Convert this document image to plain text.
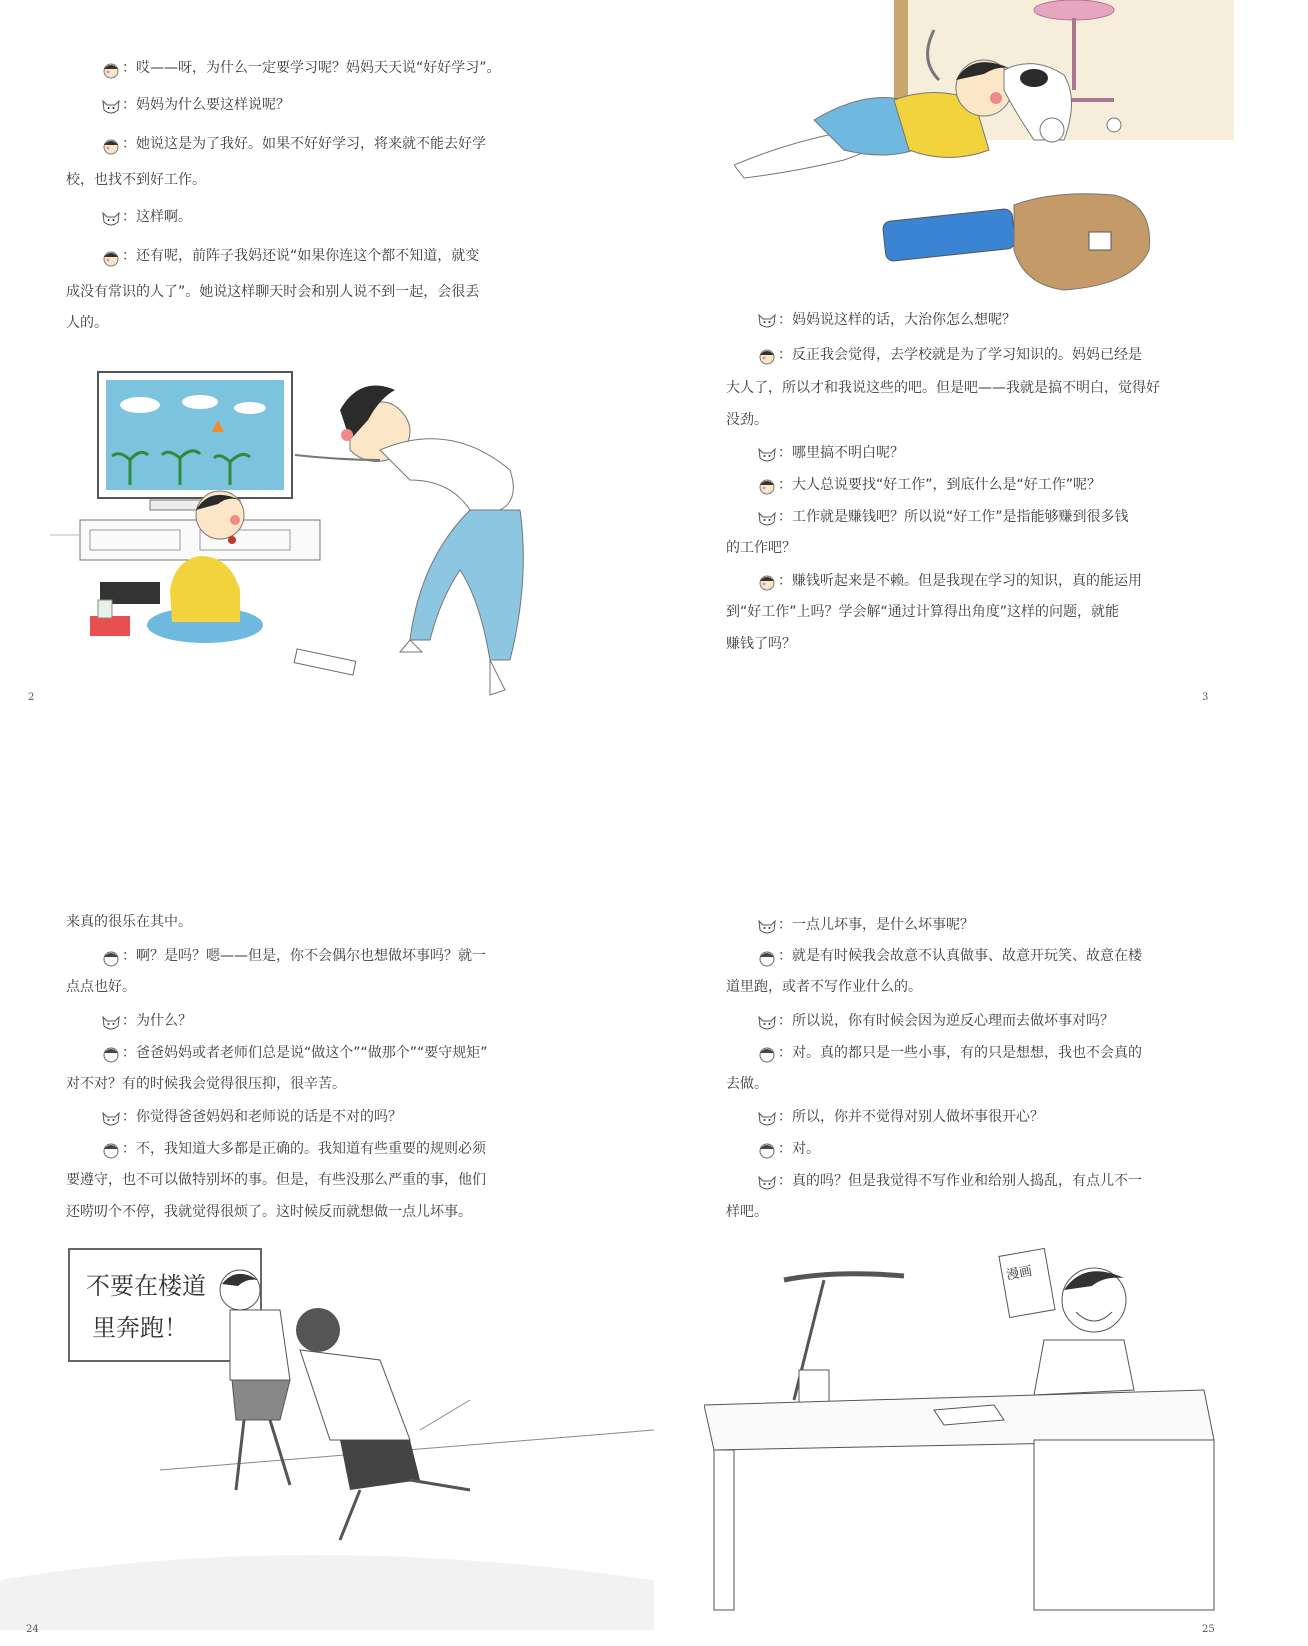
：哎——呀，为什么一定要学习呢？妈妈天天说“好好学习”。
：妈妈为什么要这样说呢？
：她说这是为了我好。如果不好好学习，将来就不能去好学
校，也找不到好工作。
：这样啊。
：还有呢，前阵子我妈还说“如果你连这个都不知道，就变
成没有常识的人了”。她说这样聊天时会和别人说不到一起，会很丢
人的。
2
：妈妈说这样的话，大治你怎么想呢？
：反正我会觉得，去学校就是为了学习知识的。妈妈已经是
大人了，所以才和我说这些的吧。但是吧——我就是搞不明白，觉得好
没劲。
：哪里搞不明白呢？
：大人总说要找“好工作”，到底什么是“好工作”呢？
：工作就是赚钱吧？所以说“好工作”是指能够赚到很多钱
的工作吧？
：赚钱听起来是不赖。但是我现在学习的知识，真的能运用
到“好工作”上吗？学会解“通过计算得出角度”这样的问题，就能
赚钱了吗？
3
来真的很乐在其中。
：啊？是吗？嗯——但是，你不会偶尔也想做坏事吗？就一
点点也好。
：为什么？
：爸爸妈妈或者老师们总是说“做这个”“做那个”“要守规矩”
对不对？有的时候我会觉得很压抑，很辛苦。
：你觉得爸爸妈妈和老师说的话是不对的吗？
：不，我知道大多都是正确的。我知道有些重要的规则必须
要遵守，也不可以做特别坏的事。但是，有些没那么严重的事，他们
还唠叨个不停，我就觉得很烦了。这时候反而就想做一点儿坏事。
不要在楼道
里奔跑！
24
：一点儿坏事，是什么坏事呢？
：就是有时候我会故意不认真做事、故意开玩笑、故意在楼
道里跑，或者不写作业什么的。
：所以说，你有时候会因为逆反心理而去做坏事对吗？
：对。真的都只是一些小事，有的只是想想，我也不会真的
去做。
：所以，你并不觉得对别人做坏事很开心？
：对。
：真的吗？但是我觉得不写作业和给别人捣乱，有点儿不一
样吧。
漫画
25
